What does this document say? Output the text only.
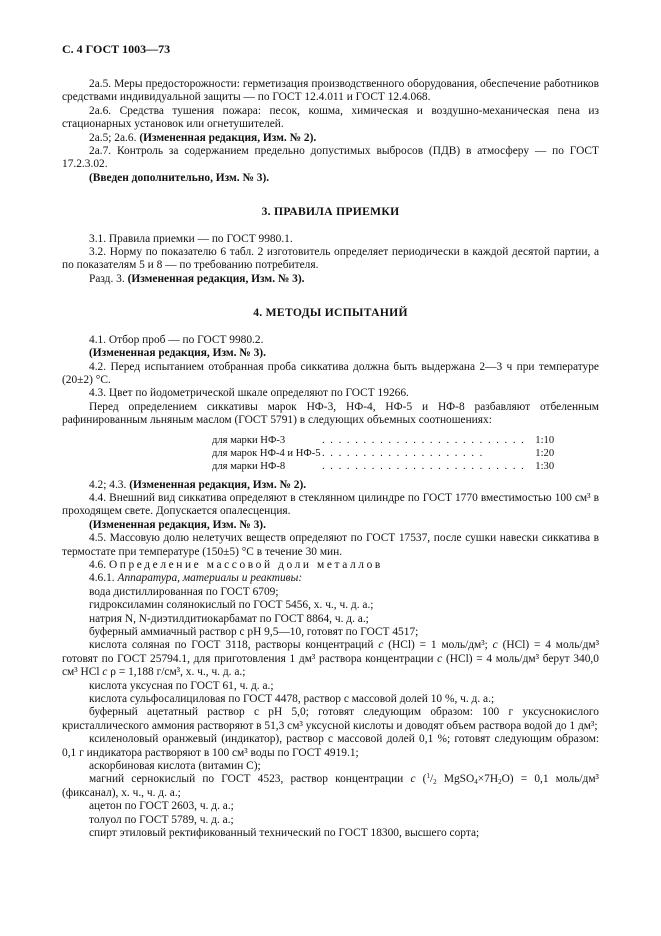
С. 4 ГОСТ 1003—73

2а.5. Меры предосторожности: герметизация производственного оборудования, обеспечение работников средствами индивидуальной защиты — по ГОСТ 12.4.011 и ГОСТ 12.4.068.

2а.6. Средства тушения пожара: песок, кошма, химическая и воздушно-механическая пена из стационарных установок или огнетушителей.

2а.5; 2а.6. (Измененная редакция, Изм. № 2).

2а.7. Контроль за содержанием предельно допустимых выбросов (ПДВ) в атмосферу — по ГОСТ 17.2.3.02.

(Введен дополнительно, Изм. № 3).

3. ПРАВИЛА ПРИЕМКИ

3.1. Правила приемки — по ГОСТ 9980.1.

3.2. Норму по показателю 6 табл. 2 изготовитель определяет периодически в каждой десятой партии, а по показателям 5 и 8 — по требованию потребителя.

Разд. 3. (Измененная редакция, Изм. № 3).

4. МЕТОДЫ ИСПЫТАНИЙ

4.1. Отбор проб — по ГОСТ 9980.2.

(Измененная редакция, Изм. № 3).

4.2. Перед испытанием отобранная проба сиккатива должна быть выдержана 2—3 ч при температуре (20±2) °С.

4.3. Цвет по йодометрической шкале определяют по ГОСТ 19266.

Перед определением сиккативы марок НФ-3, НФ-4, НФ-5 и НФ-8 разбавляют отбеленным рафинированным льняным маслом (ГОСТ 5791) в следующих объемных соотношениях:

для марки НФ-3	. . . . . . . . . . . . . . . . . . . . . . . . .	1:10
для марок НФ-4 и НФ-5	. . . . . . . . . . . . . . . . . . . .	1:20
для марки НФ-8	. . . . . . . . . . . . . . . . . . . . . . . . .	1:30

4.2; 4.3. (Измененная редакция, Изм. № 2).

4.4. Внешний вид сиккатива определяют в стеклянном цилиндре по ГОСТ 1770 вместимостью 100 см³ в проходящем свете. Допускается опалесценция.

(Измененная редакция, Изм. № 3).

4.5. Массовую долю нелетучих веществ определяют по ГОСТ 17537, после сушки навески сиккатива в термостате при температуре (150±5) °С в течение 30 мин.

4.6. Определение массовой доли металлов

4.6.1. Аппаратура, материалы и реактивы:

вода дистиллированная по ГОСТ 6709;

гидроксиламин солянокислый по ГОСТ 5456, х. ч., ч. д. а.;

натрия N, N-диэтилдитиокарбамат по ГОСТ 8864, ч. д. а.;

буферный аммиачный раствор с рН 9,5—10, готовят по ГОСТ 4517;

кислота соляная по ГОСТ 3118, растворы концентраций c (HCl) = 1 моль/дм³; c (HCl) = 4 моль/дм³ готовят по ГОСТ 25794.1, для приготовления 1 дм³ раствора концентрации c (HCl) = 4 моль/дм³ берут 340,0 см³ HCl c ρ = 1,188 г/см³, х. ч., ч. д. а.;

кислота уксусная по ГОСТ 61, ч. д. а.;

кислота сульфосалициловая по ГОСТ 4478, раствор с массовой долей 10 %, ч. д. а.;

буферный ацетатный раствор с рН 5,0; готовят следующим образом: 100 г уксуснокислого кристаллического аммония растворяют в 51,3 см³ уксусной кислоты и доводят объем раствора водой до 1 дм³;

ксиленоловый оранжевый (индикатор), раствор с массовой долей 0,1 %; готовят следующим образом: 0,1 г индикатора растворяют в 100 см³ воды по ГОСТ 4919.1;

аскорбиновая кислота (витамин С);

магний сернокислый по ГОСТ 4523, раствор концентрации c ($^1/_2$ $MgSO_4\times 7H_2O) = 0,1$ моль/дм³ (фиксанал), х. ч., ч. д. а.;

ацетон по ГОСТ 2603, ч. д. а.;

толуол по ГОСТ 5789, ч. д. а.;

спирт этиловый ректификованный технический по ГОСТ 18300, высшего сорта;
